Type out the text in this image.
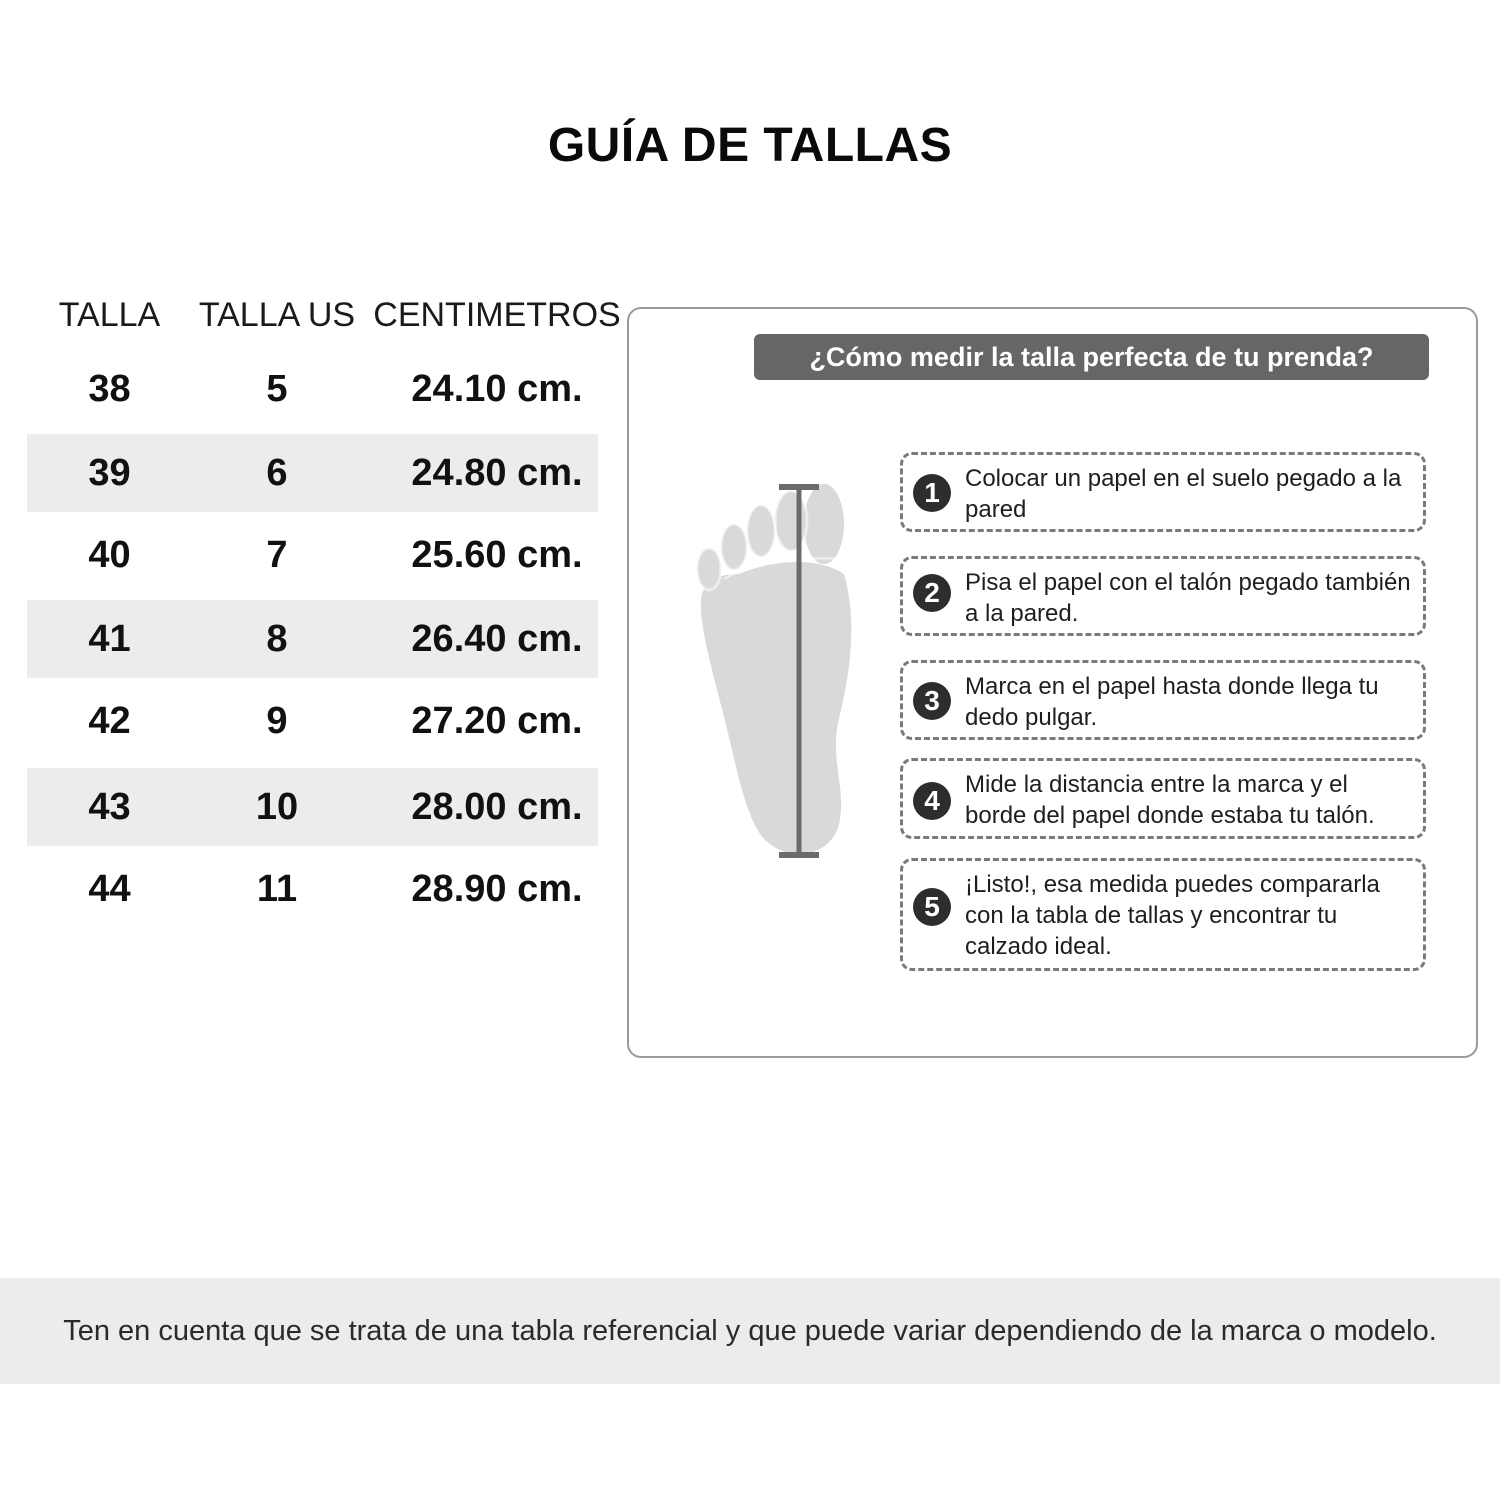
GUÍA DE TALLAS
TALLA	TALLA US CENTIMETROS
38	5	24.10 cm.
39	6	24.80 cm.
40	7	25.60 cm.
41	8	26.40 cm.
42	9	27.20 cm.
43	10	28.00 cm.
44	11	28.90 cm.
¿Cómo medir la talla perfecta de tu prenda?
1	Colocar un papel en el suelo pegado a la pared
2	Pisa el papel con el talón pegado también a la pared.
3	Marca en el papel hasta donde llega tu dedo pulgar.
4
Mide la distancia entre la marca y el borde del papel donde estaba tu talón.
5
¡Listo!, esa medida puedes compararla con la tabla de tallas y encontrar tu calzado ideal.
Ten en cuenta que se trata de una tabla referencial y que puede variar dependiendo de la marca o modelo.
